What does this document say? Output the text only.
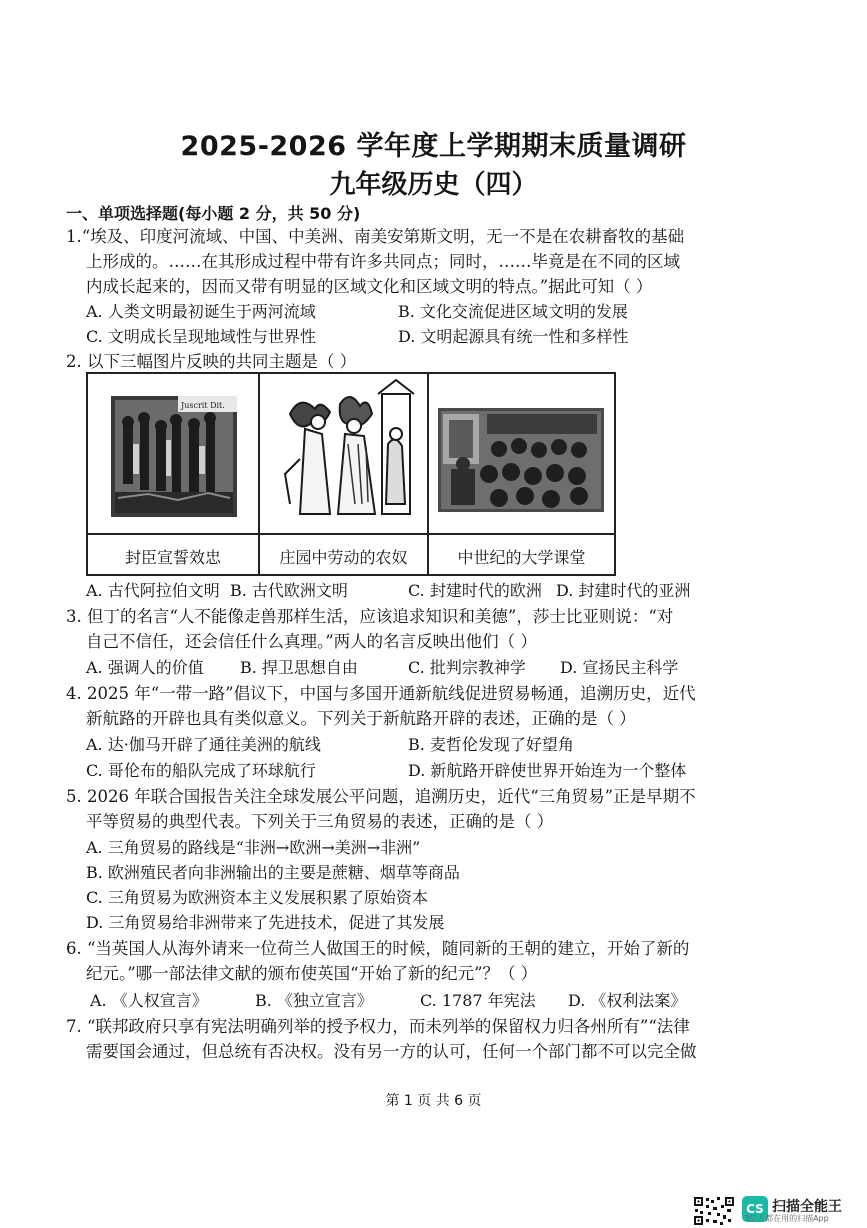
2025-2026 学年度上学期期末质量调研
九年级历史（四）
一、单项选择题(每小题 2 分，共 50 分)
1.“埃及、印度河流域、中国、中美洲、南美安第斯文明，无一不是在农耕畜牧的基础
上形成的。……在其形成过程中带有许多共同点；同时，……毕竟是在不同的区域
内成长起来的，因而又带有明显的区域文化和区域文明的特点。”据此可知（ ）
A. 人类文明最初诞生于两河流域	B. 文化交流促进区域文明的发展
C. 文明成长呈现地域性与世界性	D. 文明起源具有统一性和多样性
2. 以下三幅图片反映的共同主题是（ ）
Juscrit Dit.
封臣宣誓效忠	庄园中劳动的农奴	中世纪的大学课堂
A. 古代阿拉伯文明 B. 古代欧洲文明	C. 封建时代的欧洲 D. 封建时代的亚洲
3. 但丁的名言“人不能像走兽那样生活，应该追求知识和美德”，莎士比亚则说：“对
自己不信任，还会信任什么真理。”两人的名言反映出他们（ ）
A. 强调人的价值 B. 捍卫思想自由	C. 批判宗教神学 D. 宣扬民主科学
4. 2025 年“一带一路”倡议下，中国与多国开通新航线促进贸易畅通，追溯历史，近代
新航路的开辟也具有类似意义。下列关于新航路开辟的表述，正确的是（ ）
A. 达·伽马开辟了通往美洲的航线	B. 麦哲伦发现了好望角
C. 哥伦布的船队完成了环球航行	D. 新航路开辟使世界开始连为一个整体
5. 2026 年联合国报告关注全球发展公平问题，追溯历史，近代“三角贸易”正是早期不
平等贸易的典型代表。下列关于三角贸易的表述，正确的是（ ）
A. 三角贸易的路线是“非洲→欧洲→美洲→非洲”
B. 欧洲殖民者向非洲输出的主要是蔗糖、烟草等商品
C. 三角贸易为欧洲资本主义发展积累了原始资本
D. 三角贸易给非洲带来了先进技术，促进了其发展
6. “当英国人从海外请来一位荷兰人做国王的时候，随同新的王朝的建立，开始了新的
纪元。”哪一部法律文献的颁布使英国“开始了新的纪元”？（ ）
A. 《人权宣言》	B. 《独立宣言》	C. 1787 年宪法 D. 《权利法案》
7. “联邦政府只享有宪法明确列举的授予权力，而未列举的保留权力归各州所有”“法律
需要国会通过，但总统有否决权。没有另一方的认可，任何一个部门都不可以完全做
第 1 页 共 6 页
CS 扫描全能王
3亿人都在用的扫描App
